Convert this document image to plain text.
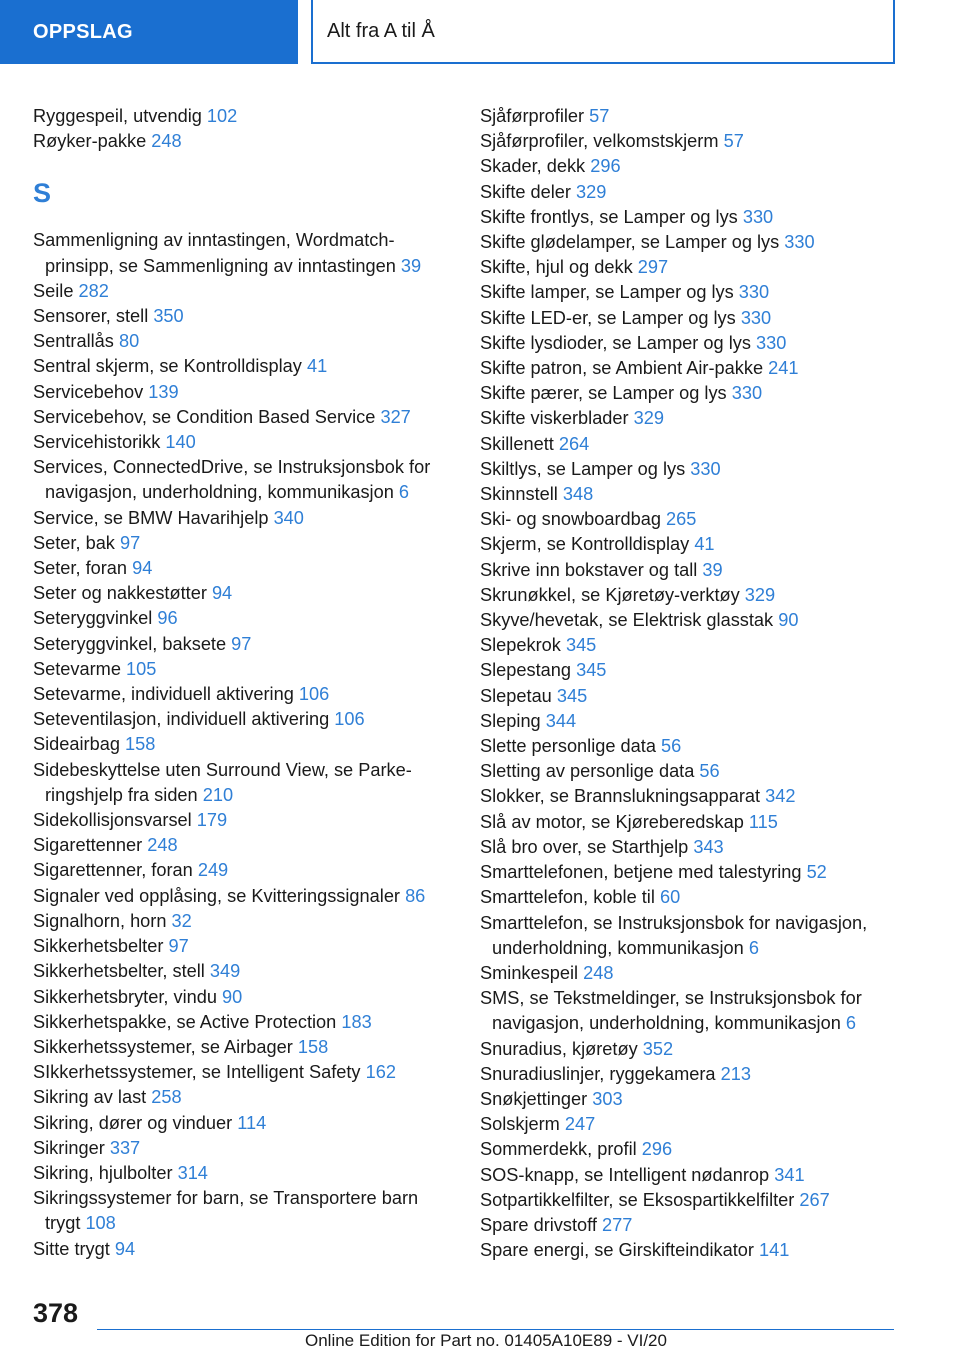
OPPSLAG	Alt fra A til Å
Ryggespeil, utvendig 102
Røyker-pakke 248
S
Sammenligning av inntastingen, Wordmatch-prinsipp, se Sammenligning av inntastingen 39
Seile 282
Sensorer, stell 350
Sentrallås 80
Sentral skjerm, se Kontrolldisplay 41
Servicebehov 139
Servicebehov, se Condition Based Service 327
Servicehistorikk 140
Services, ConnectedDrive, se Instruksjonsbok for navigasjon, underholdning, kommunikasjon 6
Service, se BMW Havarihjelp 340
Seter, bak 97
Seter, foran 94
Seter og nakkestøtter 94
Seteryggvinkel 96
Seteryggvinkel, baksete 97
Setevarme 105
Setevarme, individuell aktivering 106
Seteventilasjon, individuell aktivering 106
Sideairbag 158
Sidebeskyttelse uten Surround View, se Parke-ringshjelp fra siden 210
Sidekollisjonsvarsel 179
Sigarettenner 248
Sigarettenner, foran 249
Signaler ved opplåsing, se Kvitteringssignaler 86
Signalhorn, horn 32
Sikkerhetsbelter 97
Sikkerhetsbelter, stell 349
Sikkerhetsbryter, vindu 90
Sikkerhetspakke, se Active Protection 183
Sikkerhetssystemer, se Airbager 158
SIkkerhetssystemer, se Intelligent Safety 162
Sikring av last 258
Sikring, dører og vinduer 114
Sikringer 337
Sikring, hjulbolter 314
Sikringssystemer for barn, se Transportere barn trygt 108
Sitte trygt 94
Sjåførprofiler 57
Sjåførprofiler, velkomstskjerm 57
Skader, dekk 296
Skifte deler 329
Skifte frontlys, se Lamper og lys 330
Skifte glødelamper, se Lamper og lys 330
Skifte, hjul og dekk 297
Skifte lamper, se Lamper og lys 330
Skifte LED-er, se Lamper og lys 330
Skifte lysdioder, se Lamper og lys 330
Skifte patron, se Ambient Air-pakke 241
Skifte pærer, se Lamper og lys 330
Skifte viskerblader 329
Skillenett 264
Skiltlys, se Lamper og lys 330
Skinnstell 348
Ski- og snowboardbag 265
Skjerm, se Kontrolldisplay 41
Skrive inn bokstaver og tall 39
Skrunøkkel, se Kjøretøy-verktøy 329
Skyve/hevetak, se Elektrisk glasstak 90
Slepekrok 345
Slepestang 345
Slepetau 345
Sleping 344
Slette personlige data 56
Sletting av personlige data 56
Slokker, se Brannslukningsapparat 342
Slå av motor, se Kjøreberedskap 115
Slå bro over, se Starthjelp 343
Smarttelefonen, betjene med talestyring 52
Smarttelefon, koble til 60
Smarttelefon, se Instruksjonsbok for navigasjon, underholdning, kommunikasjon 6
Sminkespeil 248
SMS, se Tekstmeldinger, se Instruksjonsbok for navigasjon, underholdning, kommunikasjon 6
Snuradius, kjøretøy 352
Snuradiuslinjer, ryggekamera 213
Snøkjettinger 303
Solskjerm 247
Sommerdekk, profil 296
SOS-knapp, se Intelligent nødanrop 341
Sotpartikkelfilter, se Eksospartikkelfilter 267
Spare drivstoff 277
Spare energi, se Girskifteindikator 141
378
Online Edition for Part no. 01405A10E89 - VI/20
